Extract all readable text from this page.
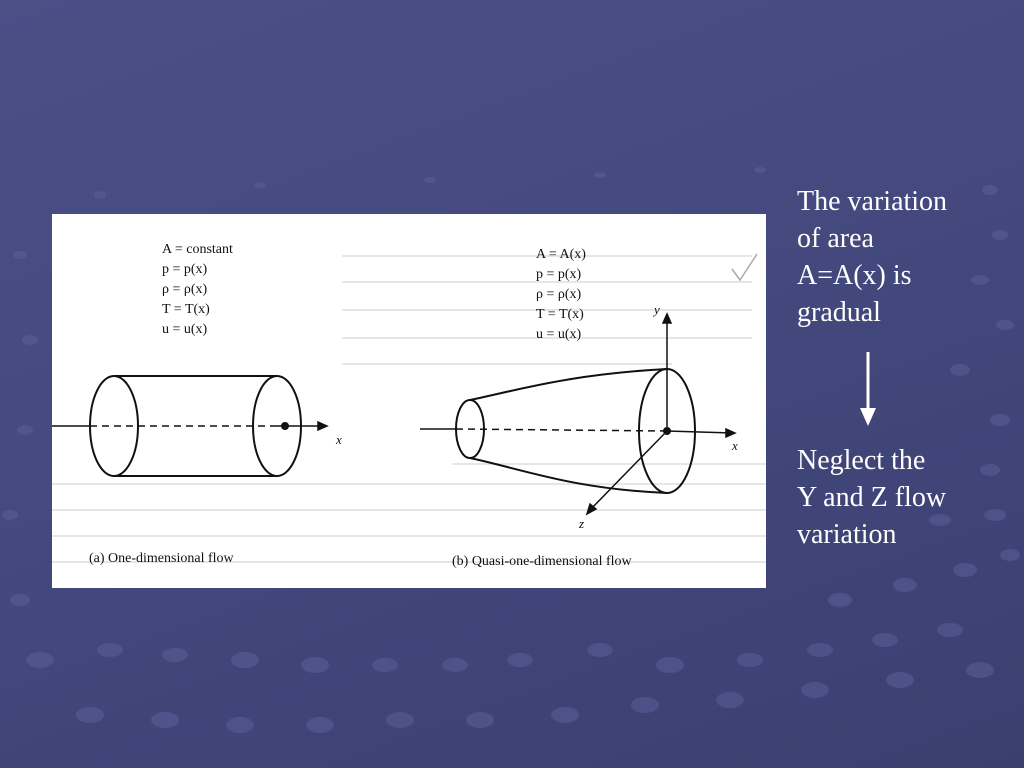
A = constant
p = p(x)
ρ = ρ(x)
T = T(x)
u = u(x)
A = A(x)
p = p(x)
ρ = ρ(x)
T = T(x)
u = u(x)
x	x
y
z
(a) One-dimensional flow	(b) Quasi-one-dimensional flow
The variation
of area
A=A(x) is
gradual
Neglect the
Y and Z flow
variation
